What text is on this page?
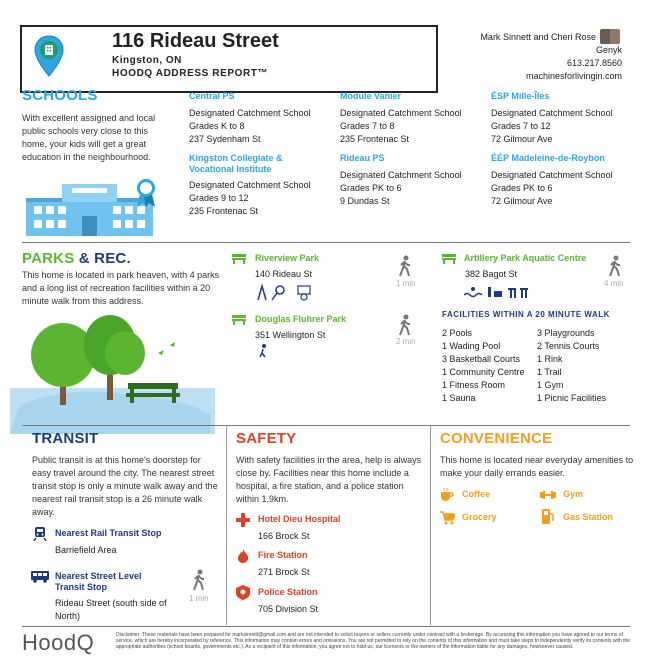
116 Rideau Street
Kingston, ON
HOODQ ADDRESS REPORT™
Mark Sinnett and Cheri Rose
Genyk
613.217.8560
machinesforlivingin.com
SCHOOLS
With excellent assigned and local public schools very close to this home, your kids will get a great education in the neighbourhood.
Central PS
Designated Catchment School
Grades K to 8
237 Sydenham St
Module Vanier
Designated Catchment School
Grades 7 to 8
235 Frontenac St
ÉSP Mille-Îles
Designated Catchment School
Grades 7 to 12
72 Gilmour Ave
Kingston Collegiate & Vocational Institute
Designated Catchment School
Grades 9 to 12
235 Frontenac St
Rideau PS
Designated Catchment School
Grades PK to 6
9 Dundas St
ÉÉP Madeleine-de-Roybon
Designated Catchment School
Grades PK to 6
72 Gilmour Ave
PARKS & REC.
This home is located in park heaven, with 4 parks and a long list of recreation facilities within a 20 minute walk from this address.
Riverview Park
140 Rideau St
1 min
Douglas Fluhrer Park
351 Wellington St
2 min
Artillery Park Aquatic Centre
382 Bagot St
4 min
FACILITIES WITHIN A 20 MINUTE WALK
2 Pools
1 Wading Pool
3 Basketball Courts
1 Community Centre
1 Fitness Room
1 Sauna
3 Playgrounds
2 Tennis Courts
1 Rink
1 Trail
1 Gym
1 Picnic Facilities
TRANSIT
Public transit is at this home's doorstep for easy travel around the city. The nearest street transit stop is only a minute walk away and the nearest rail transit stop is a 26 minute walk away.
Nearest Rail Transit Stop
Barriefield Area
Nearest Street Level Transit Stop
Rideau Street (south side of North)
1 min
SAFETY
With safety facilities in the area, help is always close by. Facilities near this home include a hospital, a fire station, and a police station within 1.9km.
Hotel Dieu Hospital
166 Brock St
Fire Station
271 Brock St
Police Station
705 Division St
CONVENIENCE
This home is located near everyday amenities to make your daily errands easier.
Coffee	Gym
Grocery	Gas Station
HoodQ	Disclaimer: These materials have been prepared for marksinnett@gmail.com and are not intended to solicit buyers or sellers currently under contract with a brokerage. By accessing this information you have agreed to our terms of service, which are hereby incorporated by reference. This information may contain errors and omissions. You are not permitted to rely on the contents of this information and must take steps to independently verify its contents with the appropriate authorities (school boards, governments etc.). As a recipient of this information, you agree not to hold us, our licensors or the owners of the information liable for any damages, howsoever caused.
